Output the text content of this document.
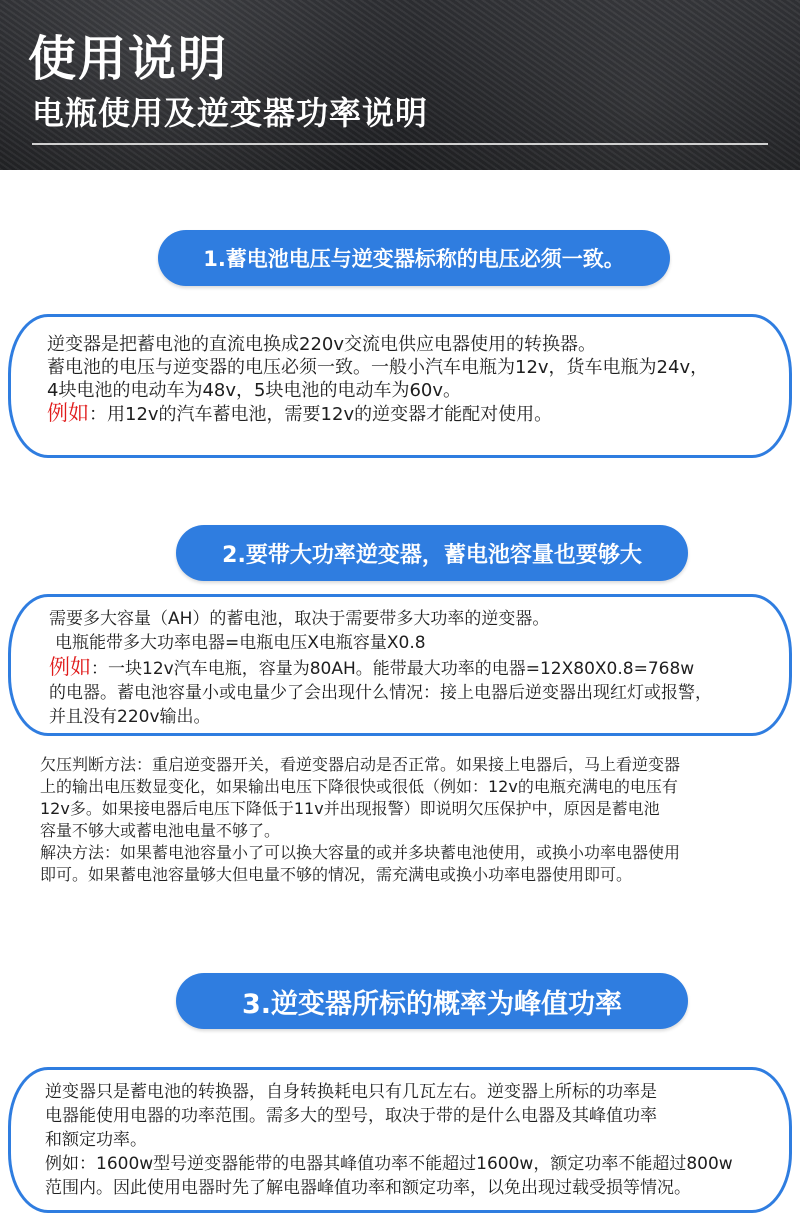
使用说明
电瓶使用及逆变器功率说明
1.蓄电池电压与逆变器标称的电压必须一致。
逆变器是把蓄电池的直流电换成220v交流电供应电器使用的转换器。
蓄电池的电压与逆变器的电压必须一致。一般小汽车电瓶为12v，货车电瓶为24v，
4块电池的电动车为48v，5块电池的电动车为60v。
例如：用12v的汽车蓄电池，需要12v的逆变器才能配对使用。
2.要带大功率逆变器，蓄电池容量也要够大
需要多大容量（AH）的蓄电池，取决于需要带多大功率的逆变器。
电瓶能带多大功率电器=电瓶电压X电瓶容量X0.8
例如：一块12v汽车电瓶，容量为80AH。能带最大功率的电器=12X80X0.8=768w
的电器。蓄电池容量小或电量少了会出现什么情况：接上电器后逆变器出现红灯或报警，
并且没有220v输出。
欠压判断方法：重启逆变器开关，看逆变器启动是否正常。如果接上电器后，马上看逆变器
上的输出电压数显变化，如果输出电压下降很快或很低（例如：12v的电瓶充满电的电压有
12v多。如果接电器后电压下降低于11v并出现报警）即说明欠压保护中，原因是蓄电池
容量不够大或蓄电池电量不够了。
解决方法：如果蓄电池容量小了可以换大容量的或并多块蓄电池使用，或换小功率电器使用
即可。如果蓄电池容量够大但电量不够的情况，需充满电或换小功率电器使用即可。
3.逆变器所标的概率为峰值功率
逆变器只是蓄电池的转换器，自身转换耗电只有几瓦左右。逆变器上所标的功率是
电器能使用电器的功率范围。需多大的型号，取决于带的是什么电器及其峰值功率
和额定功率。
例如：1600w型号逆变器能带的电器其峰值功率不能超过1600w，额定功率不能超过800w
范围内。因此使用电器时先了解电器峰值功率和额定功率，以免出现过载受损等情况。
